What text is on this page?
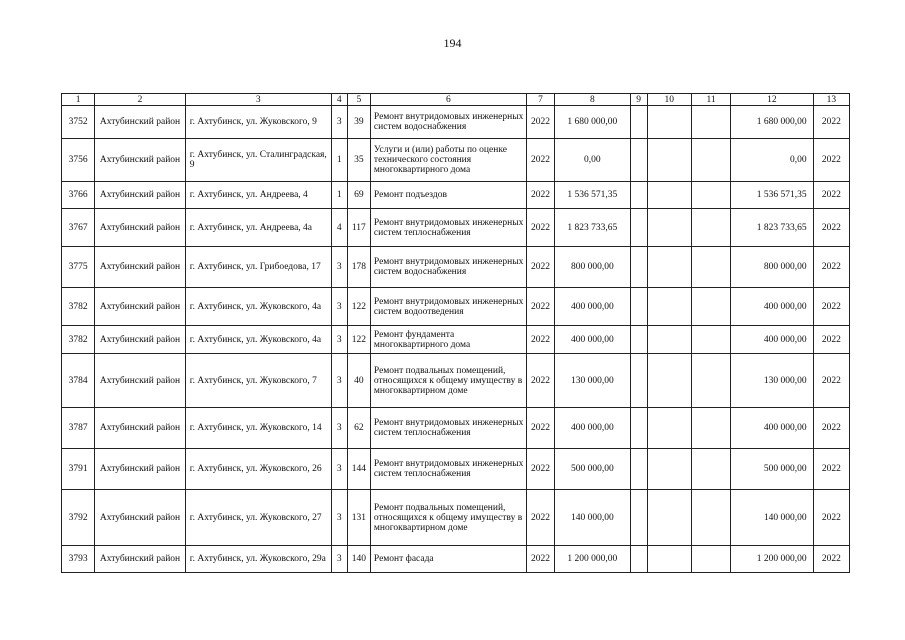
194
1	2	3	4	5	6	7	8	9	10	11	12	13
3752	Ахтубинский район	г. Ахтубинск, ул. Жуковского, 9	3	39	Ремонт внутридомовых инженерных систем водоснабжения	2022	1 680 000,00				1 680 000,00	2022
3756	Ахтубинский район	г. Ахтубинск, ул. Сталинградская, 9	1	35	Услуги и (или) работы по оценке технического состояния многоквартирного дома	2022	0,00				0,00	2022
3766	Ахтубинский район	г. Ахтубинск, ул. Андреева, 4	1	69	Ремонт подъездов	2022	1 536 571,35				1 536 571,35	2022
3767	Ахтубинский район	г. Ахтубинск, ул. Андреева, 4а	4	117	Ремонт внутридомовых инженерных систем теплоснабжения	2022	1 823 733,65				1 823 733,65	2022
3775	Ахтубинский район	г. Ахтубинск, ул. Грибоедова, 17	3	178	Ремонт внутридомовых инженерных систем водоснабжения	2022	800 000,00				800 000,00	2022
3782	Ахтубинский район	г. Ахтубинск, ул. Жуковского, 4а	3	122	Ремонт внутридомовых инженерных систем водоотведения	2022	400 000,00				400 000,00	2022
3782	Ахтубинский район	г. Ахтубинск, ул. Жуковского, 4а	3	122	Ремонт фундамента многоквартирного дома	2022	400 000,00				400 000,00	2022
3784	Ахтубинский район	г. Ахтубинск, ул. Жуковского, 7	3	40	Ремонт подвальных помещений, относящихся к общему имуществу в многоквартирном доме	2022	130 000,00				130 000,00	2022
3787	Ахтубинский район	г. Ахтубинск, ул. Жуковского, 14	3	62	Ремонт внутридомовых инженерных систем теплоснабжения	2022	400 000,00				400 000,00	2022
3791	Ахтубинский район	г. Ахтубинск, ул. Жуковского, 26	3	144	Ремонт внутридомовых инженерных систем теплоснабжения	2022	500 000,00				500 000,00	2022
3792	Ахтубинский район	г. Ахтубинск, ул. Жуковского, 27	3	131	Ремонт подвальных помещений, относящихся к общему имуществу в многоквартирном доме	2022	140 000,00				140 000,00	2022
3793	Ахтубинский район	г. Ахтубинск, ул. Жуковского, 29а	3	140	Ремонт фасада	2022	1 200 000,00				1 200 000,00	2022
